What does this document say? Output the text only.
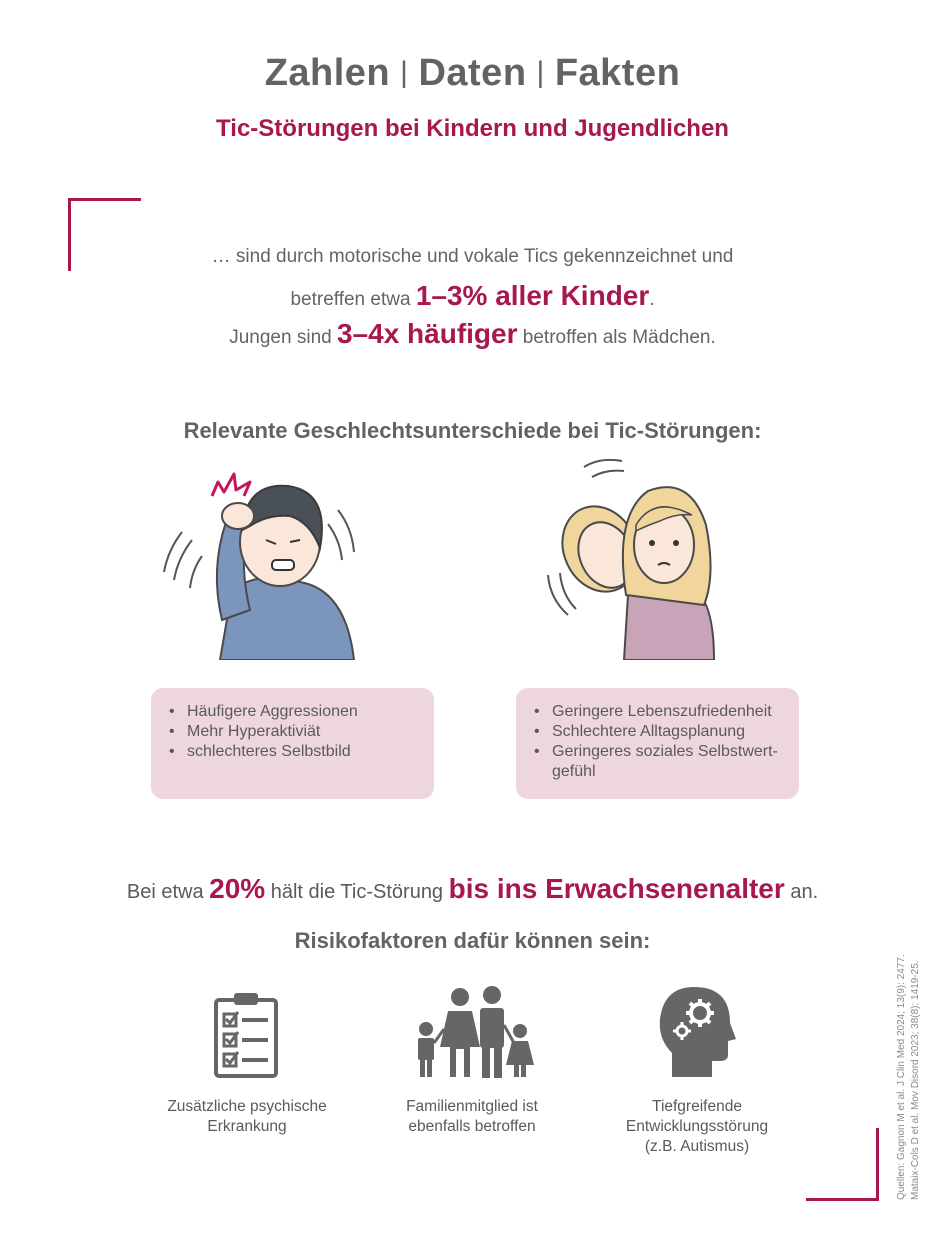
Zahlen | Daten | Fakten
Tic-Störungen bei Kindern und Jugendlichen
… sind durch motorische und vokale Tics gekennzeichnet und
betreffen etwa 1–3% aller Kinder.
Jungen sind 3–4x häufiger betroffen als Mädchen.
Relevante Geschlechtsunterschiede bei Tic-Störungen:
• Häufigere Aggressionen
• Mehr Hyperaktiviät
• schlechteres Selbstbild
• Geringere Lebenszufriedenheit
• Schlechtere Alltagsplanung
• Geringeres soziales Selbstwert-gefühl
Bei etwa 20% hält die Tic-Störung bis ins Erwachsenenalter an.
Risikofaktoren dafür können sein:
Zusätzliche psychische
Erkrankung
Familienmitglied ist
ebenfalls betroffen
Tiefgreifende
Entwicklungsstörung
(z.B. Autismus)	Quellen: Gagnon M et al. J Clin Med 2024; 13(9): 2477. Mataix-Cols D et al. Mov Disord 2023; 38(8): 1419-25.
